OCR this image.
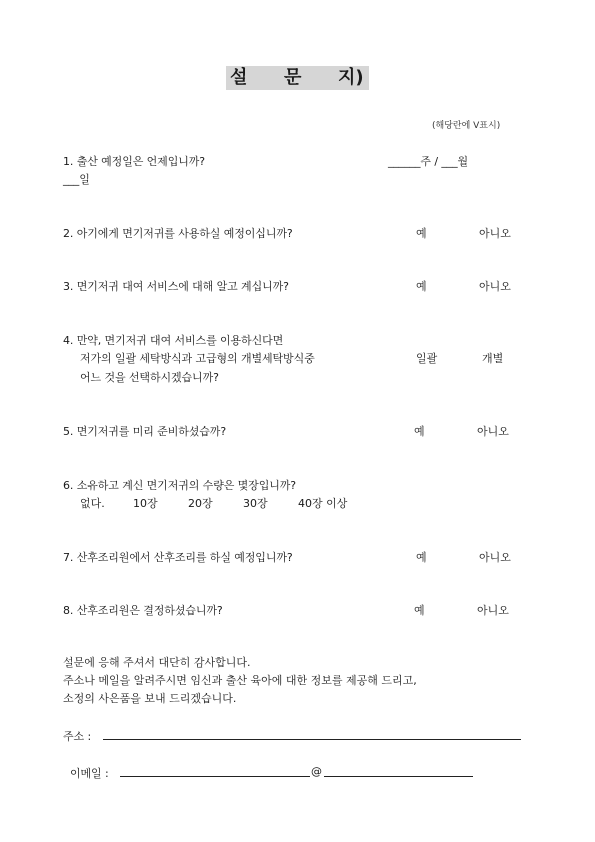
설 문 지)
(해당란에 V표시)
1. 출산 예정일은 언제입니까?	______주 / ___월
___일
2. 아기에게 면기저귀를 사용하실 예정이십니까?	예	아니오
3. 면기저귀 대여 서비스에 대해 알고 계십니까?	예	아니오
4. 만약, 면기저귀 대여 서비스를 이용하신다면
저가의 일괄 세탁방식과 고급형의 개별세탁방식중
어느 것을 선택하시겠습니까?
일괄	개별
5. 면기저귀를 미리 준비하셨습까?	예	아니오
6. 소유하고 계신 면기저귀의 수량은 몇장입니까?
없다.	10장	20장	30장	40장 이상
7. 산후조리원에서 산후조리를 하실 예정입니까?	예	아니오
8. 산후조리원은 결정하셨습니까?	예	아니오
설문에 응해 주셔서 대단히 감사합니다.
주소나 메일을 알려주시면 임신과 출산 육아에 대한 정보를 제공해 드리고,
소정의 사은품을 보내 드리겠습니다.
주소 :
이메일 :	@
